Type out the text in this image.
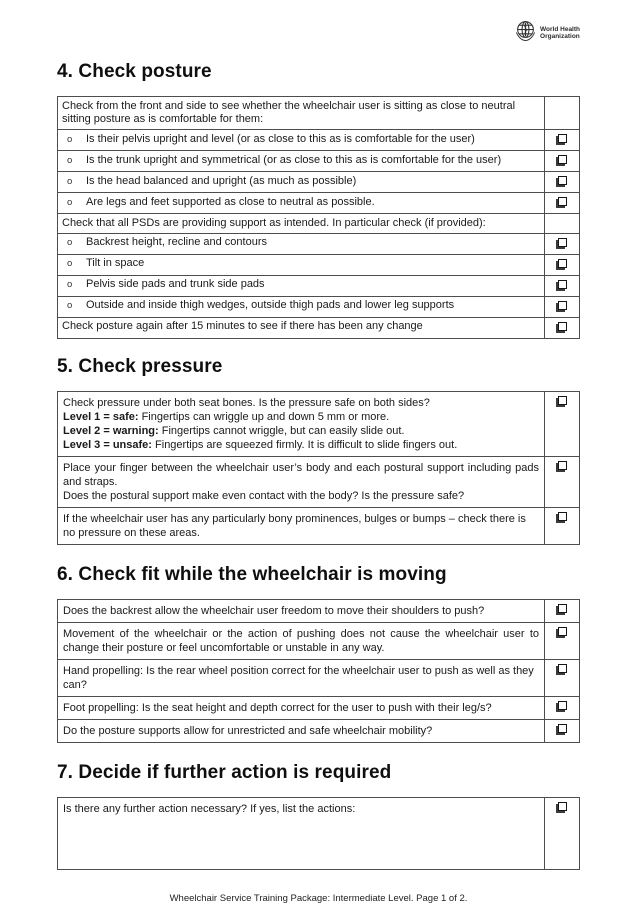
World Health
Organization
4. Check posture
Check from the front and side to see whether the wheelchair user is sitting as close to neutral sitting posture as is comfortable for them:	
o Is their pelvis upright and level (or as close to this as is comfortable for the user)	
o Is the trunk upright and symmetrical (or as close to this as is comfortable for the user)	
o Is the head balanced and upright (as much as possible)	
o Are legs and feet supported as close to neutral as possible.	
Check that all PSDs are providing support as intended. In particular check (if provided):	
o Backrest height, recline and contours	
o Tilt in space	
o Pelvis side pads and trunk side pads	
o Outside and inside thigh wedges, outside thigh pads and lower leg supports	
Check posture again after 15 minutes to see if there has been any change	
5. Check pressure
Check pressure under both seat bones. Is the pressure safe on both sides?
Level 1 = safe: Fingertips can wriggle up and down 5 mm or more.
Level 2 = warning: Fingertips cannot wriggle, but can easily slide out.
Level 3 = unsafe: Fingertips are squeezed firmly. It is difficult to slide fingers out.	

Place your finger between the wheelchair user’s body and each postural support including pads and straps.
Does the postural support make even contact with the body? Is the pressure safe?	

If the wheelchair user has any particularly bony prominences, bulges or bumps – check there is no pressure on these areas.	

6. Check fit while the wheelchair is moving
Does the backrest allow the wheelchair user freedom to move their shoulders to push?	
Movement of the wheelchair or the action of pushing does not cause the wheelchair user to change their posture or feel uncomfortable or unstable in any way.	
Hand propelling: Is the rear wheel position correct for the wheelchair user to push as well as they can?	
Foot propelling: Is the seat height and depth correct for the user to push with their leg/s?	
Do the posture supports allow for unrestricted and safe wheelchair mobility?	
7. Decide if further action is required
Is there any further action necessary? If yes, list the actions:	
Wheelchair Service Training Package: Intermediate Level. Page 1 of 2.
